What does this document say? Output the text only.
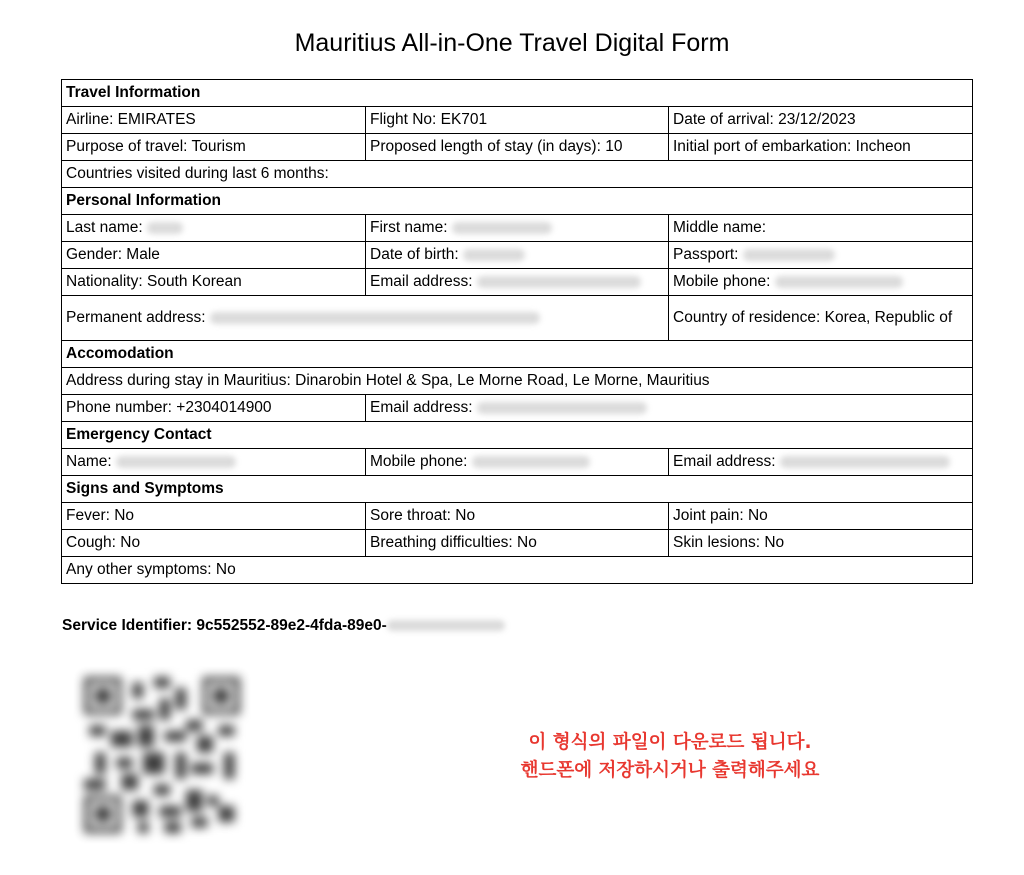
Mauritius All-in-One Travel Digital Form
Travel Information		
Airline: EMIRATES	Flight No: EK701	Date of arrival: 23/12/2023
Purpose of travel: Tourism	Proposed length of stay (in days): 10	Initial port of embarkation: Incheon
Countries visited during last 6 months:		
Personal Information		
Last name:	First name:	Middle name:
Gender: Male	Date of birth:	Passport:
Nationality: South Korean	Email address:	Mobile phone:
Permanent address:		Country of residence: Korea, Republic of
Accomodation		
Address during stay in Mauritius: Dinarobin Hotel & Spa, Le Morne Road, Le Morne, Mauritius		
Phone number: +2304014900	Email address:	
Emergency Contact		
Name:	Mobile phone:	Email address:
Signs and Symptoms		
Fever: No	Sore throat: No	Joint pain: No
Cough: No	Breathing difficulties: No	Skin lesions: No
Any other symptoms: No		
Service Identifier: 9c552552-89e2-4fda-89e0-
이 형식의 파일이 다운로드 됩니다.
핸드폰에 저장하시거나 출력해주세요
